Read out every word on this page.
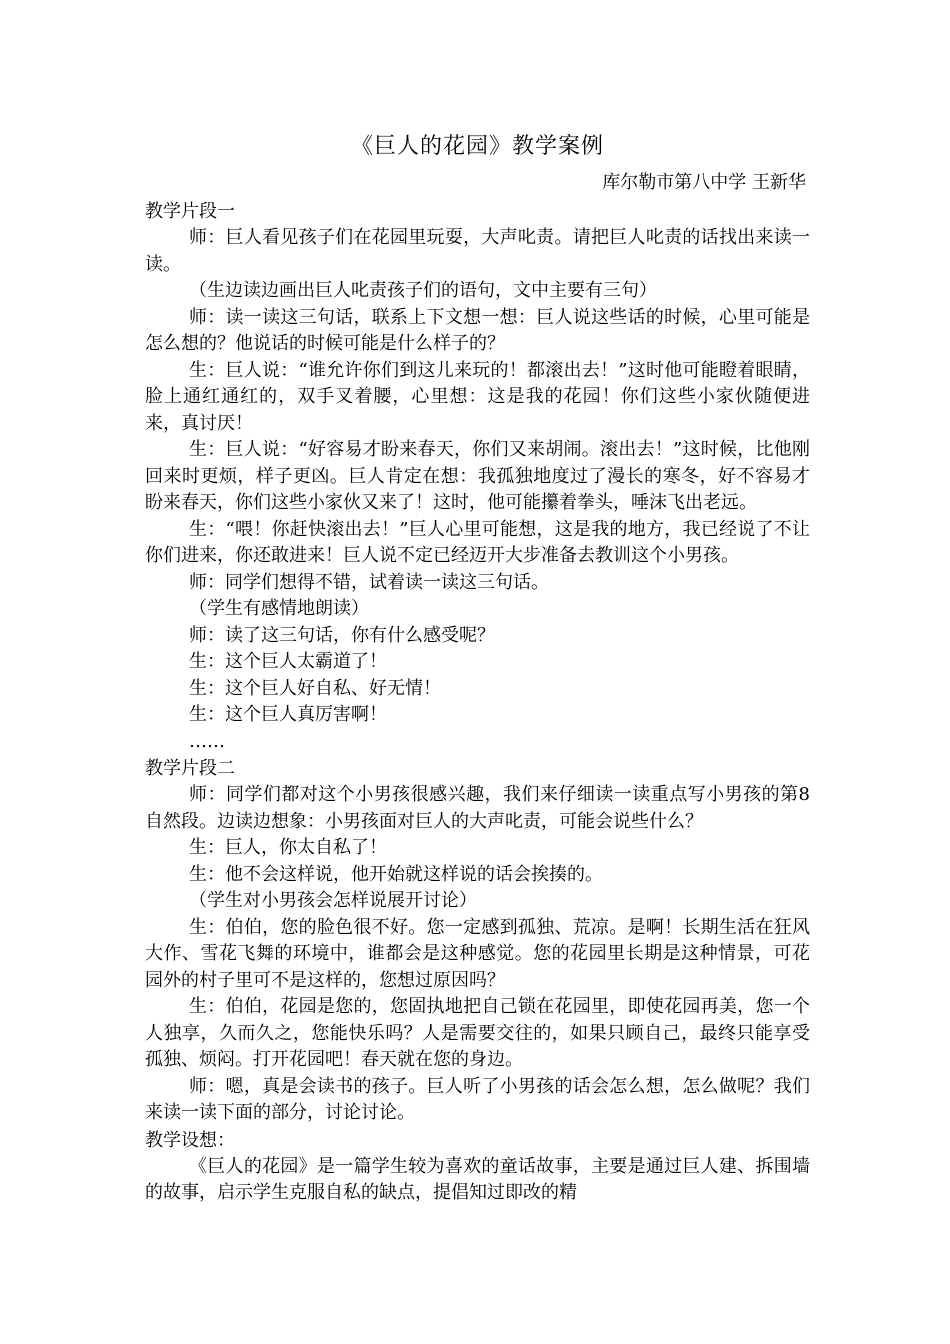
《巨人的花园》教学案例
库尔勒市第八中学 王新华
教学片段一

师：巨人看见孩子们在花园里玩耍，大声叱责。请把巨人叱责的话找出来读一读。

（生边读边画出巨人叱责孩子们的语句，文中主要有三句）

师：读一读这三句话，联系上下文想一想：巨人说这些话的时候，心里可能是怎么想的？他说话的时候可能是什么样子的？

生：巨人说：“谁允许你们到这儿来玩的！都滚出去！”这时他可能瞪着眼睛，脸上通红通红的，双手叉着腰，心里想：这是我的花园！你们这些小家伙随便进来，真讨厌！

生：巨人说：“好容易才盼来春天，你们又来胡闹。滚出去！”这时候，比他刚回来时更烦，样子更凶。巨人肯定在想：我孤独地度过了漫长的寒冬，好不容易才盼来春天，你们这些小家伙又来了！这时，他可能攥着拳头，唾沫飞出老远。

生：“喂！你赶快滚出去！”巨人心里可能想，这是我的地方，我已经说了不让你们进来，你还敢进来！巨人说不定已经迈开大步准备去教训这个小男孩。

师：同学们想得不错，试着读一读这三句话。

（学生有感情地朗读）

师：读了这三句话，你有什么感受呢？

生：这个巨人太霸道了！

生：这个巨人好自私、好无情！

生：这个巨人真厉害啊！

……

教学片段二

师：同学们都对这个小男孩很感兴趣，我们来仔细读一读重点写小男孩的第8自然段。边读边想象：小男孩面对巨人的大声叱责，可能会说些什么？

生：巨人，你太自私了！

生：他不会这样说，他开始就这样说的话会挨揍的。

（学生对小男孩会怎样说展开讨论）

生：伯伯，您的脸色很不好。您一定感到孤独、荒凉。是啊！长期生活在狂风大作、雪花飞舞的环境中，谁都会是这种感觉。您的花园里长期是这种情景，可花园外的村子里可不是这样的，您想过原因吗？

生：伯伯，花园是您的，您固执地把自己锁在花园里，即使花园再美，您一个人独享，久而久之，您能快乐吗？人是需要交往的，如果只顾自己，最终只能享受孤独、烦闷。打开花园吧！春天就在您的身边。

师：嗯，真是会读书的孩子。巨人听了小男孩的话会怎么想，怎么做呢？我们来读一读下面的部分，讨论讨论。

教学设想：

《巨人的花园》是一篇学生较为喜欢的童话故事，主要是通过巨人建、拆围墙的故事，启示学生克服自私的缺点，提倡知过即改的精
